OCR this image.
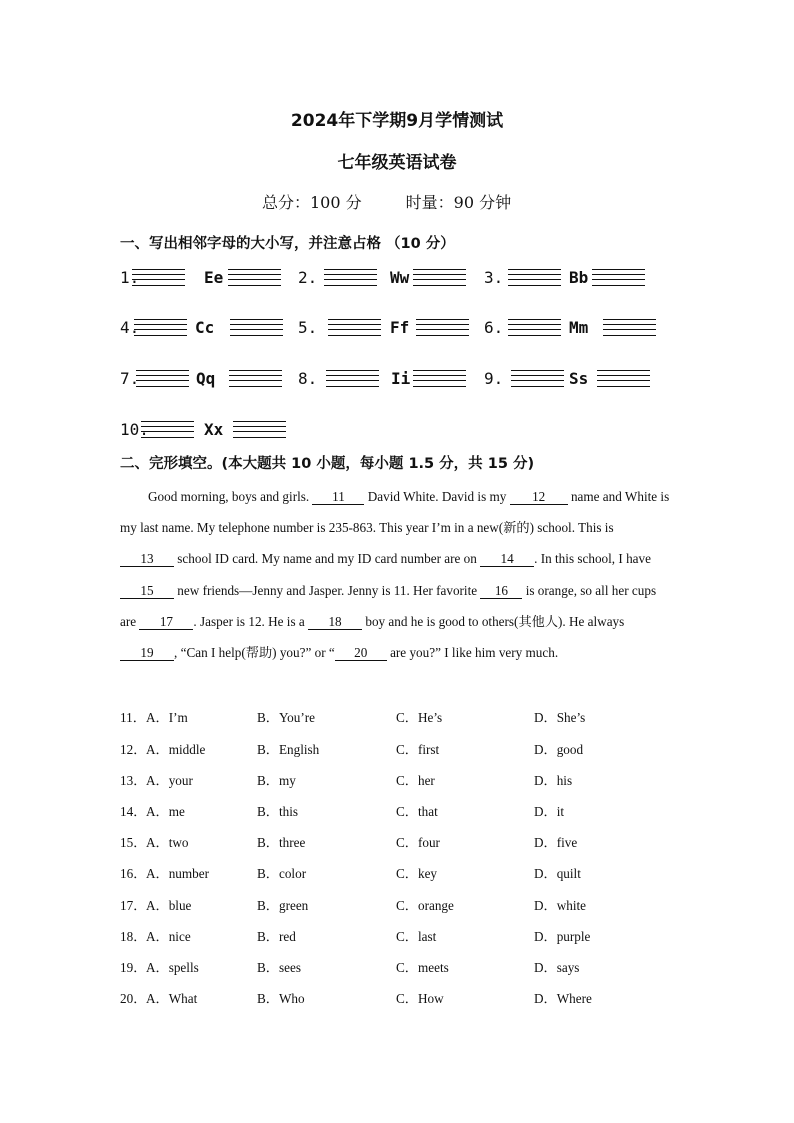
2024年下学期9月学情测试
七年级英语试卷
总分：100 分	时量：90 分钟
一、写出相邻字母的大小写，并注意占格 （10 分）
1.	Ee	2.	Ww	3.	Bb
4.	Cc	5.	Ff	6.	Mm
7.	Qq	8.	Ii	9.	Ss
10.	Xx
二、完形填空。(本大题共 10 小题，每小题 1.5 分，共 15 分)
Good morning, boys and girls. 11 David White. David is my 12 name and White is my last name. My telephone number is 235-863. This year I’m in a new(新的) school. This is 13 school ID card. My name and my ID card number are on 14 . In this school, I have 15 new friends—Jenny and Jasper. Jenny is 11. Her favorite 16 is orange, so all her cups are 17 . Jasper is 12. He is a 18 boy and he is good to others(其他人). He always 19 , “Can I help(帮助) you?” or “ 20 are you?” I like him very much.
11． A．I’m	B．You’re	C．He’s	D．She’s
12． A．middle	B．English	C．first	D．good
13． A．your	B．my	C．her	D．his
14． A．me	B．this	C．that	D．it
15． A．two	B．three	C．four	D．five
16． A．number	B．color	C．key	D．quilt
17． A．blue	B．green	C．orange	D．white
18． A．nice	B．red	C．last	D．purple
19． A．spells	B．sees	C．meets	D．says
20． A．What	B．Who	C．How	D．Where
